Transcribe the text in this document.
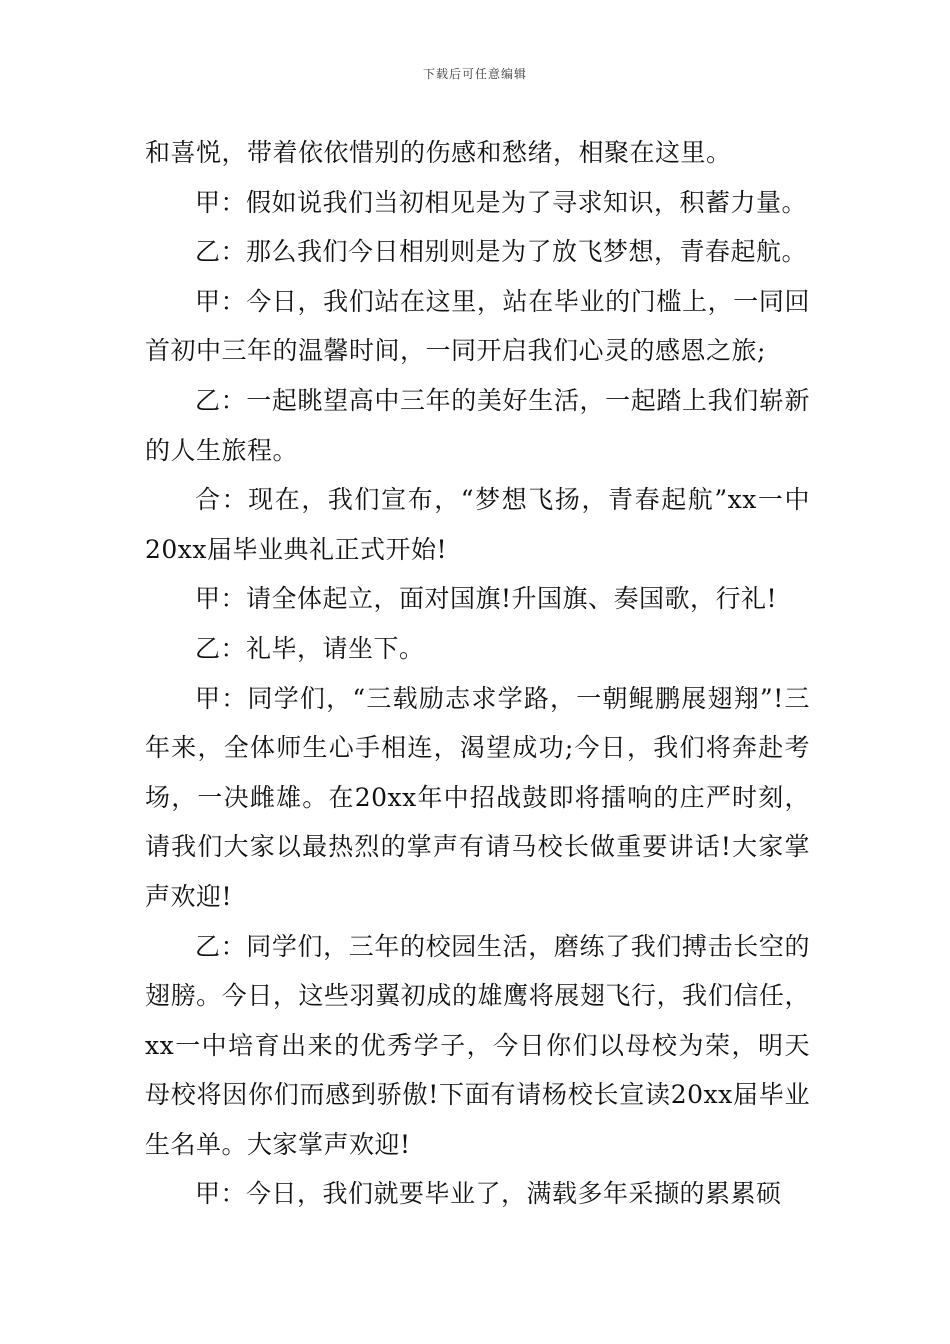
下载后可任意编辑

和喜悦，带着依依惜别的伤感和愁绪，相聚在这里。

甲：假如说我们当初相见是为了寻求知识，积蓄力量。

乙：那么我们今日相别则是为了放飞梦想，青春起航。

甲：今日，我们站在这里，站在毕业的门槛上，一同回首初中三年的温馨时间，一同开启我们心灵的感恩之旅;

乙：一起眺望高中三年的美好生活，一起踏上我们崭新的人生旅程。

合：现在，我们宣布，“梦想飞扬，青春起航”xx一中20xx届毕业典礼正式开始!

甲：请全体起立，面对国旗!升国旗、奏国歌，行礼!

乙：礼毕，请坐下。

甲：同学们，“三载励志求学路，一朝鲲鹏展翅翔”!三年来，全体师生心手相连，渴望成功;今日，我们将奔赴考场，一决雌雄。在20xx年中招战鼓即将擂响的庄严时刻，请我们大家以最热烈的掌声有请马校长做重要讲话!大家掌声欢迎!

乙：同学们，三年的校园生活，磨练了我们搏击长空的翅膀。今日，这些羽翼初成的雄鹰将展翅飞行，我们信任，xx一中培育出来的优秀学子，今日你们以母校为荣，明天母校将因你们而感到骄傲!下面有请杨校长宣读20xx届毕业生名单。大家掌声欢迎!

甲：今日，我们就要毕业了，满载多年采撷的累累硕
